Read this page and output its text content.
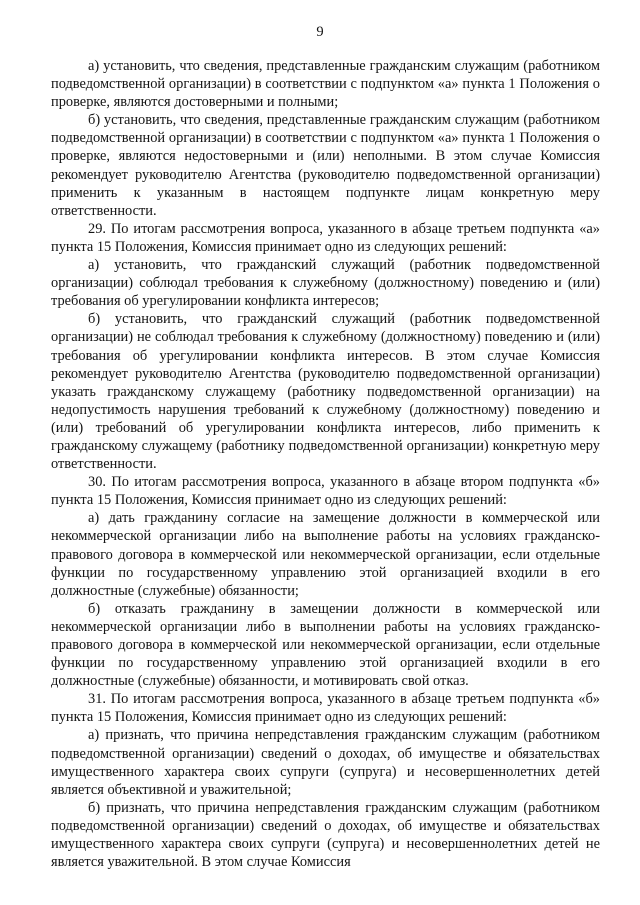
9

а) установить, что сведения, представленные гражданским служащим (работником подведомственной организации) в соответствии с подпунктом «а» пункта 1 Положения о проверке, являются достоверными и полными;

б) установить, что сведения, представленные гражданским служащим (работником подведомственной организации) в соответствии с подпунктом «а» пункта 1 Положения о проверке, являются недостоверными и (или) неполными. В этом случае Комиссия рекомендует руководителю Агентства (руководителю подведомственной организации) применить к указанным в настоящем подпункте лицам конкретную меру ответственности.

29. По итогам рассмотрения вопроса, указанного в абзаце третьем подпункта «а» пункта 15 Положения, Комиссия принимает одно из следующих решений:

а) установить, что гражданский служащий (работник подведомственной организации) соблюдал требования к служебному (должностному) поведению и (или) требования об урегулировании конфликта интересов;

б) установить, что гражданский служащий (работник подведомственной организации) не соблюдал требования к служебному (должностному) поведению и (или) требования об урегулировании конфликта интересов. В этом случае Комиссия рекомендует руководителю Агентства (руководителю подведомственной организации) указать гражданскому служащему (работнику подведомственной организации) на недопустимость нарушения требований к служебному (должностному) поведению и (или) требований об урегулировании конфликта интересов, либо применить к гражданскому служащему (работнику подведомственной организации) конкретную меру ответственности.

30. По итогам рассмотрения вопроса, указанного в абзаце втором подпункта «б» пункта 15 Положения, Комиссия принимает одно из следующих решений:

а) дать гражданину согласие на замещение должности в коммерческой или некоммерческой организации либо на выполнение работы на условиях гражданско-правового договора в коммерческой или некоммерческой организации, если отдельные функции по государственному управлению этой организацией входили в его должностные (служебные) обязанности;

б) отказать гражданину в замещении должности в коммерческой или некоммерческой организации либо в выполнении работы на условиях гражданско-правового договора в коммерческой или некоммерческой организации, если отдельные функции по государственному управлению этой организацией входили в его должностные (служебные) обязанности, и мотивировать свой отказ.

31. По итогам рассмотрения вопроса, указанного в абзаце третьем подпункта «б» пункта 15 Положения, Комиссия принимает одно из следующих решений:

а) признать, что причина непредставления гражданским служащим (работником подведомственной организации) сведений о доходах, об имуществе и обязательствах имущественного характера своих супруги (супруга) и несовершеннолетних детей является объективной и уважительной;

б) признать, что причина непредставления гражданским служащим (работником подведомственной организации) сведений о доходах, об имуществе и обязательствах имущественного характера своих супруги (супруга) и несовершеннолетних детей не является уважительной. В этом случае Комиссия
